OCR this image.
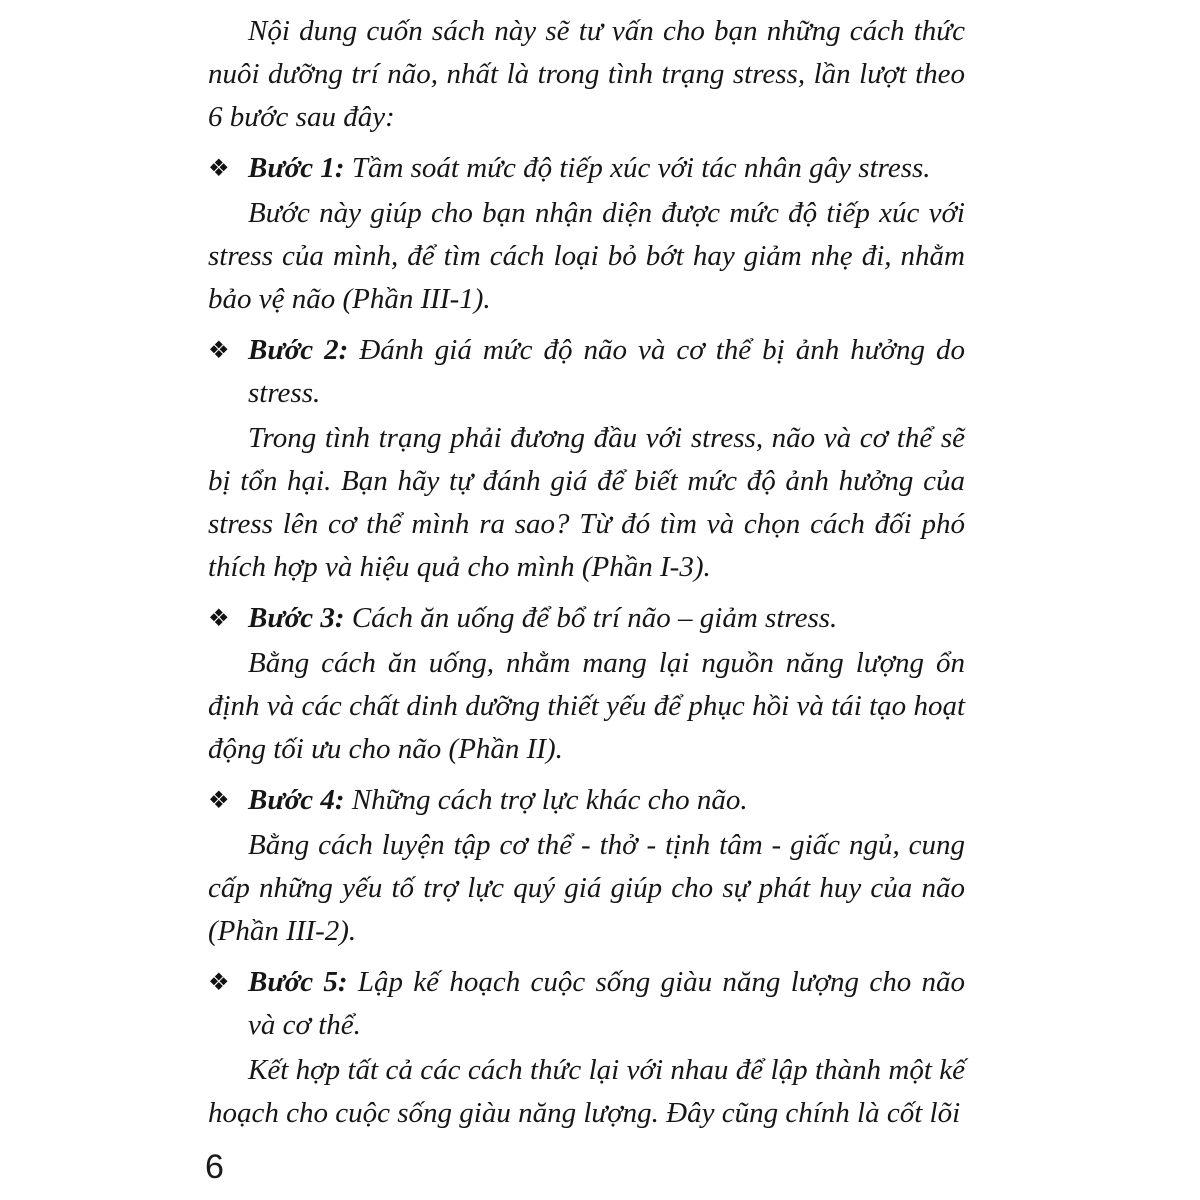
Nội dung cuốn sách này sẽ tư vấn cho bạn những cách thức nuôi dưỡng trí não, nhất là trong tình trạng stress, lần lượt theo 6 bước sau đây:

❖ Bước 1: Tầm soát mức độ tiếp xúc với tác nhân gây stress.

Bước này giúp cho bạn nhận diện được mức độ tiếp xúc với stress của mình, để tìm cách loại bỏ bớt hay giảm nhẹ đi, nhằm bảo vệ não (Phần III-1).

❖ Bước 2: Đánh giá mức độ não và cơ thể bị ảnh hưởng do stress.

Trong tình trạng phải đương đầu với stress, não và cơ thể sẽ bị tổn hại. Bạn hãy tự đánh giá để biết mức độ ảnh hưởng của stress lên cơ thể mình ra sao? Từ đó tìm và chọn cách đối phó thích hợp và hiệu quả cho mình (Phần I-3).

❖ Bước 3: Cách ăn uống để bổ trí não – giảm stress.

Bằng cách ăn uống, nhằm mang lại nguồn năng lượng ổn định và các chất dinh dưỡng thiết yếu để phục hồi và tái tạo hoạt động tối ưu cho não (Phần II).

❖ Bước 4: Những cách trợ lực khác cho não.

Bằng cách luyện tập cơ thể - thở - tịnh tâm - giấc ngủ, cung cấp những yếu tố trợ lực quý giá giúp cho sự phát huy của não (Phần III-2).

❖ Bước 5: Lập kế hoạch cuộc sống giàu năng lượng cho não và cơ thể.

Kết hợp tất cả các cách thức lại với nhau để lập thành một kế hoạch cho cuộc sống giàu năng lượng. Đây cũng chính là cốt lõi

6
